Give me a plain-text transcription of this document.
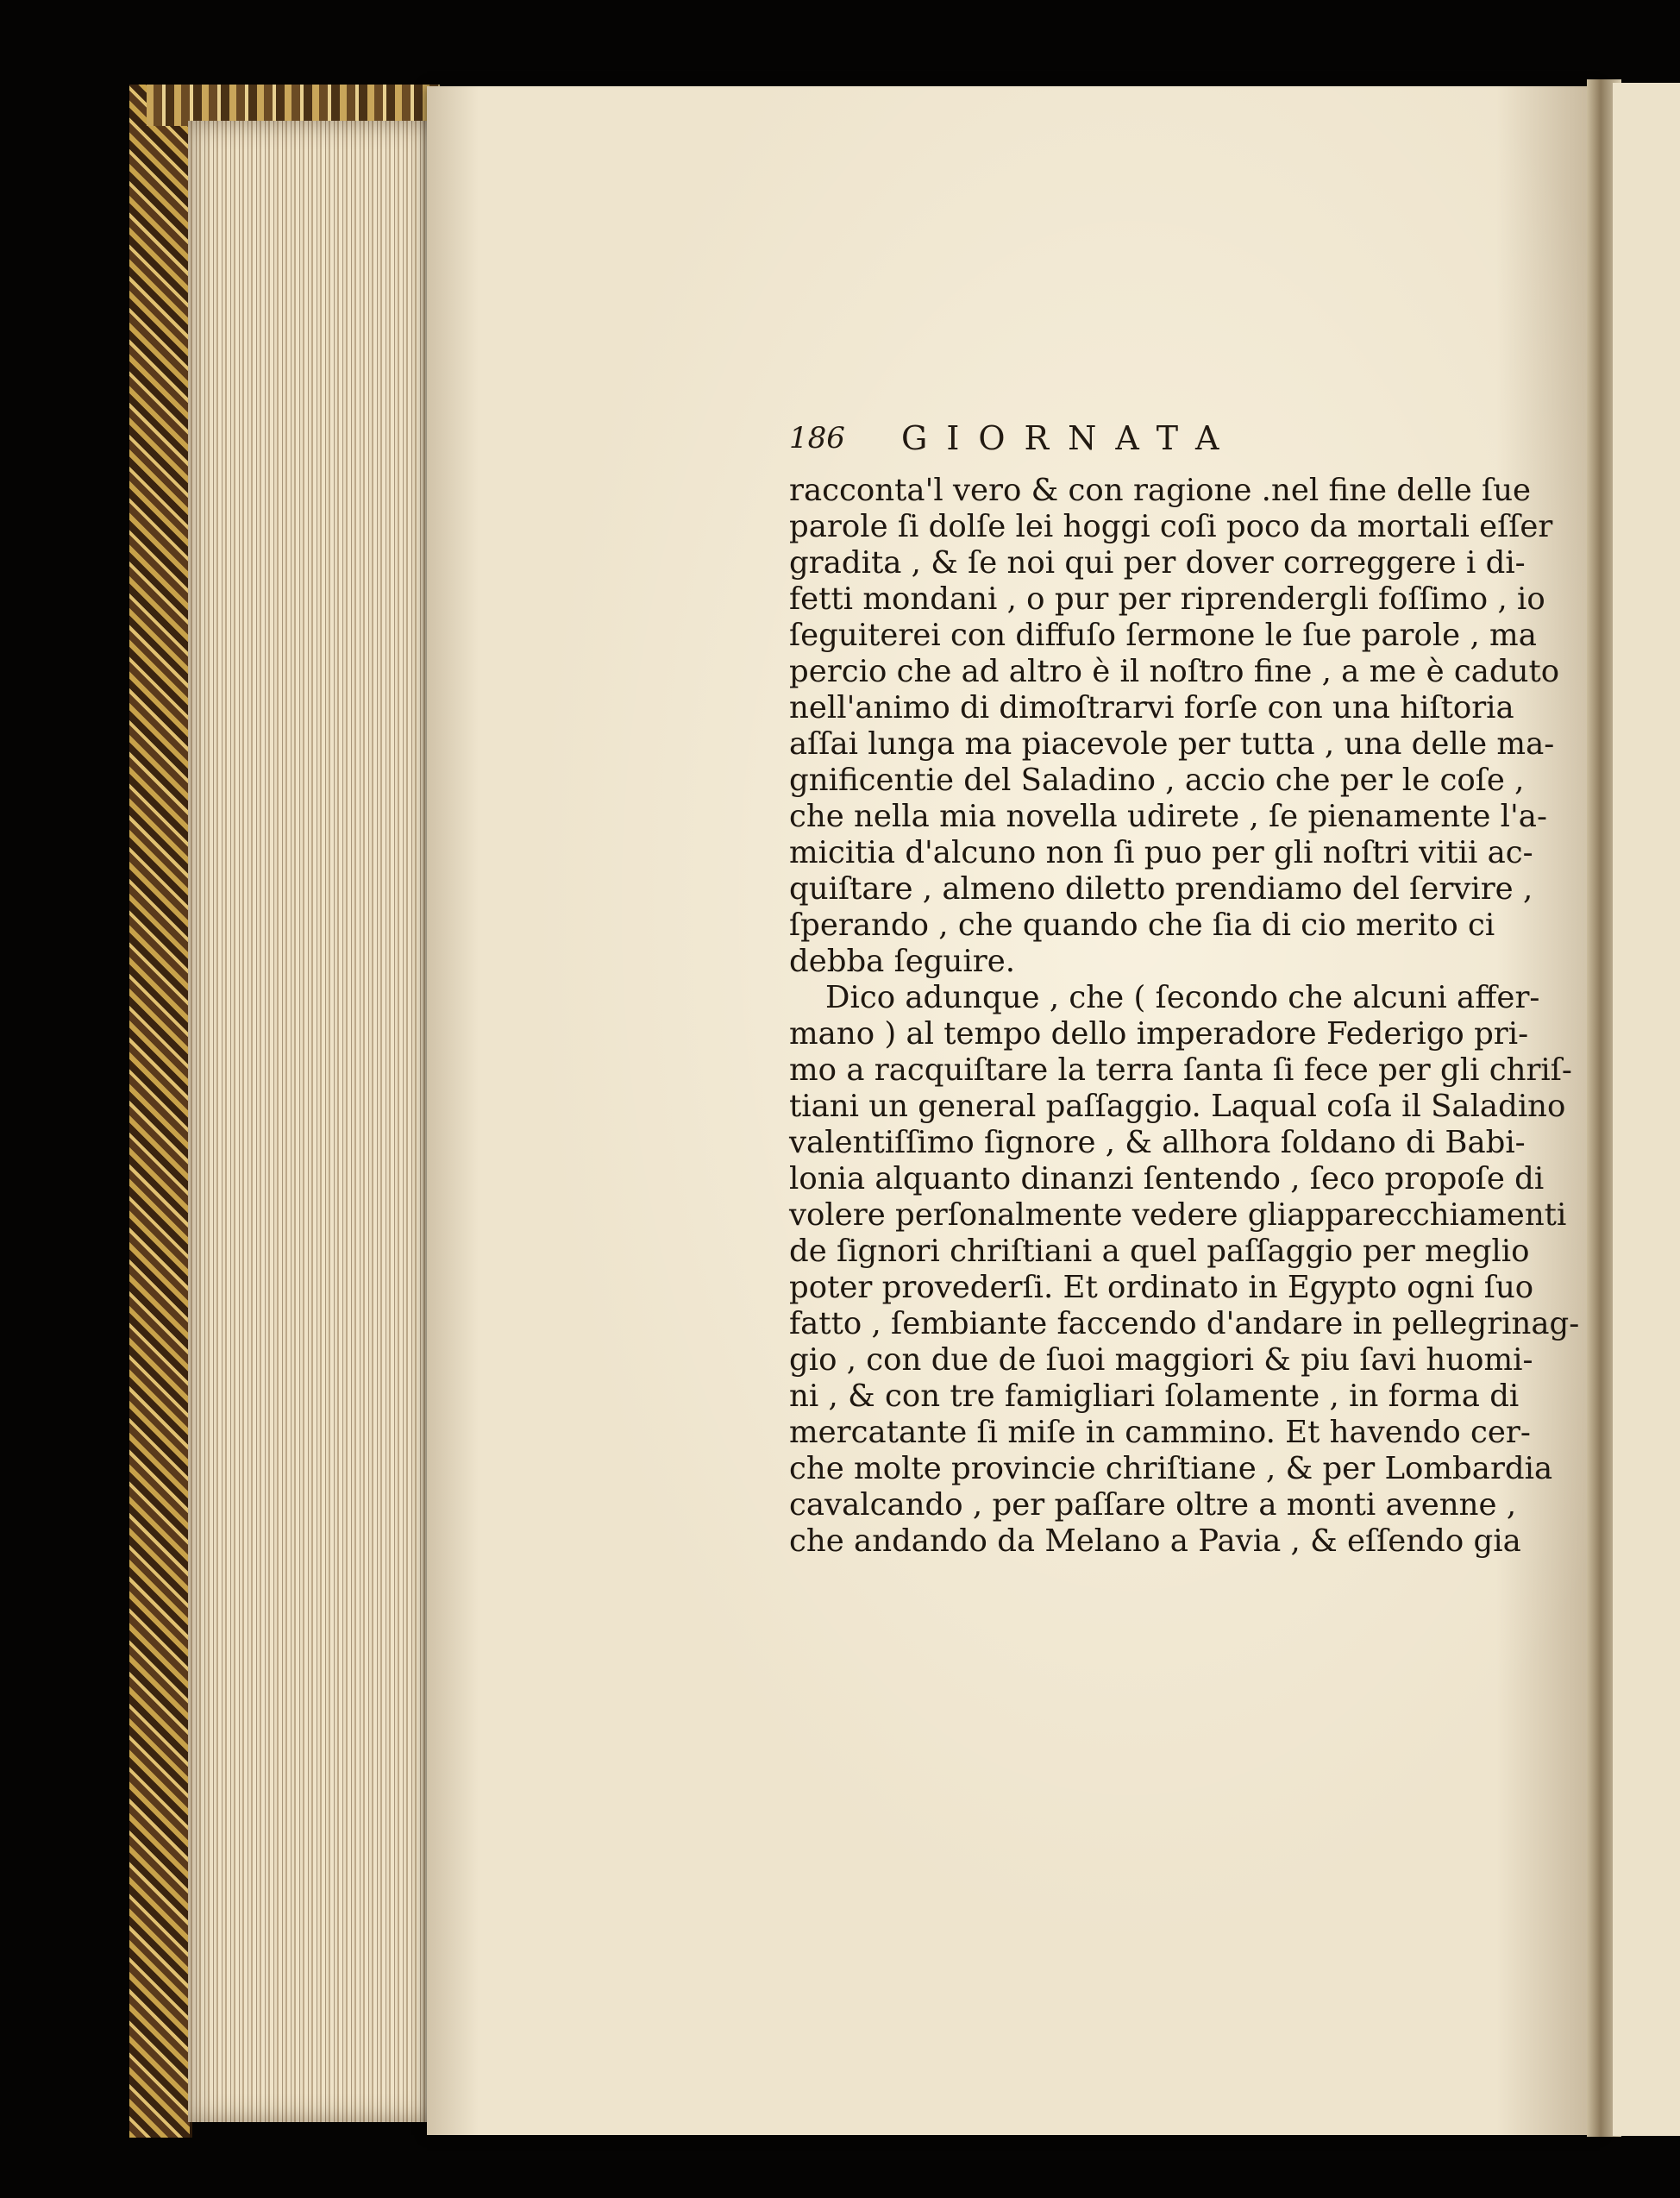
186 GIORNATA
racconta'l vero & con ragione .nel fine delle ſue
parole ſi dolſe lei hoggi coſi poco da mortali eſſer
gradita , & ſe noi qui per dover correggere i di-
fetti mondani , o pur per riprendergli foſſimo , io
ſeguiterei con diffuſo ſermone le ſue parole , ma
percio che ad altro è il noſtro fine , a me è caduto
nell'animo di dimoſtrarvi forſe con una hiſtoria
aſſai lunga ma piacevole per tutta , una delle ma-
gnificentie del Saladino , accio che per le coſe ,
che nella mia novella udirete , ſe pienamente l'a-
micitia d'alcuno non ſi puo per gli noſtri vitii ac-
quiſtare , almeno diletto prendiamo del ſervire ,
ſperando , che quando che ſia di cio merito ci
debba ſeguire.
Dico adunque , che ( ſecondo che alcuni affer-
mano ) al tempo dello imperadore Federigo pri-
mo a racquiſtare la terra ſanta ſi fece per gli chriſ-
tiani un general paſſaggio. Laqual coſa il Saladino
valentiſſimo ſignore , & allhora ſoldano di Babi-
lonia alquanto dinanzi ſentendo , ſeco propoſe di
volere perſonalmente vedere gliapparecchiamenti
de ſignori chriſtiani a quel paſſaggio per meglio
poter provederſi. Et ordinato in Egypto ogni ſuo
fatto , ſembiante faccendo d'andare in pellegrinag-
gio , con due de ſuoi maggiori & piu ſavi huomi-
ni , & con tre famigliari ſolamente , in forma di
mercatante ſi miſe in cammino. Et havendo cer-
che molte provincie chriſtiane , & per Lombardia
cavalcando , per paſſare oltre a monti avenne ,
che andando da Melano a Pavia , & eſſendo gia
